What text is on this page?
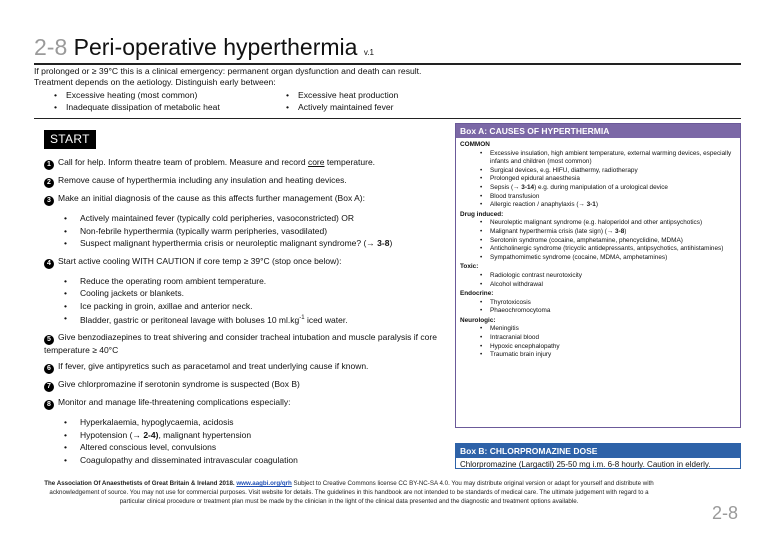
2-8 Peri-operative hyperthermia v.1
If prolonged or ≥ 39°C this is a clinical emergency: permanent organ dysfunction and death can result.
Treatment depends on the aetiology. Distinguish early between:
• Excessive heating (most common)	• Excessive heat production
• Inadequate dissipation of metabolic heat	• Actively maintained fever
START
1 Call for help. Inform theatre team of problem. Measure and record core temperature.
2 Remove cause of hyperthermia including any insulation and heating devices.
3 Make an initial diagnosis of the cause as this affects further management (Box A):
• Actively maintained fever (typically cold peripheries, vasoconstricted) OR
• Non-febrile hyperthermia (typically warm peripheries, vasodilated)
• Suspect malignant hyperthermia crisis or neuroleptic malignant syndrome? (→ 3-8)
4 Start active cooling WITH CAUTION if core temp ≥ 39°C (stop once below):
• Reduce the operating room ambient temperature.
• Cooling jackets or blankets.
• Ice packing in groin, axillae and anterior neck.
• Bladder, gastric or peritoneal lavage with boluses 10 $ml.kg^{-1}$ iced water.
5 Give benzodiazepines to treat shivering and consider tracheal intubation and muscle paralysis if core temperature ≥ 40°C
6 If fever, give antipyretics such as paracetamol and treat underlying cause if known.
7 Give chlorpromazine if serotonin syndrome is suspected (Box B)
8 Monitor and manage life-threatening complications especially:
• Hyperkalaemia, hypoglycaemia, acidosis
• Hypotension (→ 2-4), malignant hypertension
• Altered conscious level, convulsions
• Coagulopathy and disseminated intravascular coagulation
Box A: CAUSES OF HYPERTHERMIA
COMMON
• Excessive insulation, high ambient temperature, external warming devices, especially infants and children (most common)
• Surgical devices, e.g. HIFU, diathermy, radiotherapy
• Prolonged epidural anaesthesia
• Sepsis (→ 3-14) e.g. during manipulation of a urological device
• Blood transfusion
• Allergic reaction / anaphylaxis (→ 3-1)
Drug induced:
• Neuroleptic malignant syndrome (e.g. haloperidol and other antipsychotics)
• Malignant hyperthermia crisis (late sign) (→ 3-8)
• Serotonin syndrome (cocaine, amphetamine, phencyclidine, MDMA)
• Anticholinergic syndrome (tricyclic antidepressants, antipsychotics, antihistamines)
• Sympathomimetic syndrome (cocaine, MDMA, amphetamines)
Toxic:
• Radiologic contrast neurotoxicity
• Alcohol withdrawal
Endocrine:
• Thyrotoxicosis
• Phaeochromocytoma
Neurologic:
• Meningitis
• Intracranial blood
• Hypoxic encephalopathy
• Traumatic brain injury
Box B: CHLORPROMAZINE DOSE
Chlorpromazine (Largactil) 25-50 mg i.m. 6-8 hourly. Caution in elderly.
The Association Of Anaesthetists of Great Britain & Ireland 2018. www.aagbi.org/qrh Subject to Creative Commons license CC BY-NC-SA 4.0. You may distribute original version or adapt for yourself and distribute with acknowledgement of source. You may not use for commercial purposes. Visit website for details. The guidelines in this handbook are not intended to be standards of medical care. The ultimate judgement with regard to a particular clinical procedure or treatment plan must be made by the clinician in the light of the clinical data presented and the diagnostic and treatment options available.
2-8
